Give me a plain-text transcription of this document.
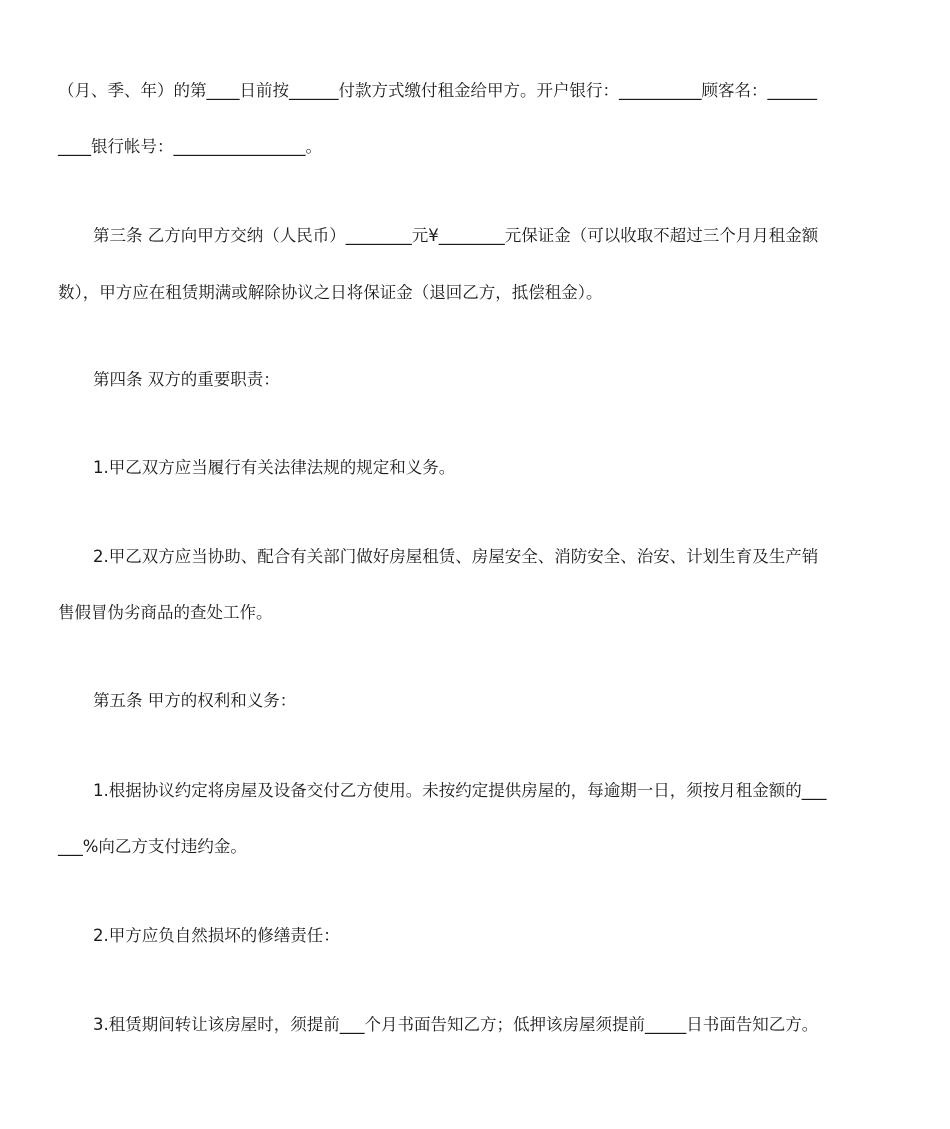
（月、季、年）的第____日前按______付款方式缴付租金给甲方。开户银行：__________顾客名：______
____银行帐号：________________。
第三条 乙方向甲方交纳（人民币）________元¥________元保证金（可以收取不超过三个月月租金额
数），甲方应在租赁期满或解除协议之日将保证金（退回乙方，抵偿租金）。
第四条 双方的重要职责：
1.甲乙双方应当履行有关法律法规的规定和义务。
2.甲乙双方应当协助、配合有关部门做好房屋租赁、房屋安全、消防安全、治安、计划生育及生产销
售假冒伪劣商品的查处工作。
第五条 甲方的权利和义务：
1.根据协议约定将房屋及设备交付乙方使用。未按约定提供房屋的，每逾期一日，须按月租金额的___
___%向乙方支付违约金。
2.甲方应负自然损坏的修缮责任：
3.租赁期间转让该房屋时，须提前___个月书面告知乙方；低押该房屋须提前_____日书面告知乙方。
